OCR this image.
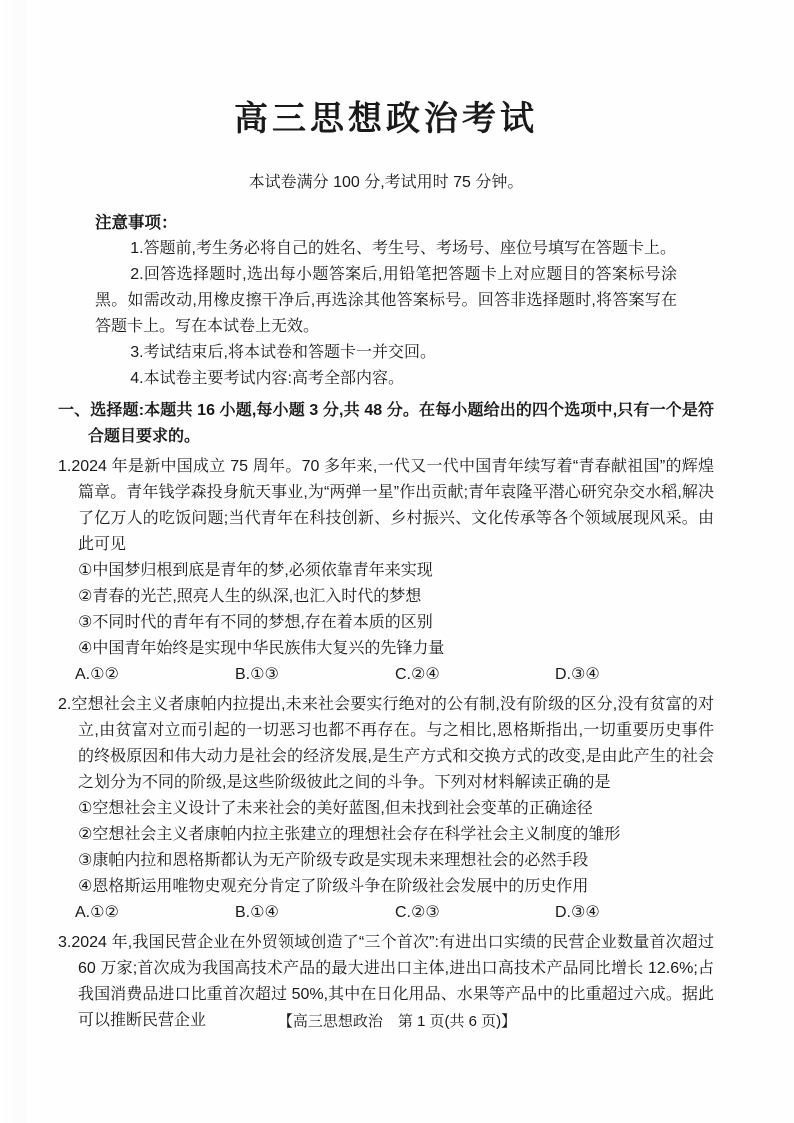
高三思想政治考试

本试卷满分 100 分,考试用时 75 分钟。

注意事项：

1.答题前,考生务必将自己的姓名、考生号、考场号、座位号填写在答题卡上。

2.回答选择题时,选出每小题答案后,用铅笔把答题卡上对应题目的答案标号涂黑。如需改动,用橡皮擦干净后,再选涂其他答案标号。回答非选择题时,将答案写在答题卡上。写在本试卷上无效。

3.考试结束后,将本试卷和答题卡一并交回。

4.本试卷主要考试内容:高考全部内容。

一、选择题:本题共 16 小题,每小题 3 分,共 48 分。在每小题给出的四个选项中,只有一个是符合题目要求的。

1.2024 年是新中国成立 75 周年。70 多年来,一代又一代中国青年续写着“青春献祖国”的辉煌篇章。青年钱学森投身航天事业,为“两弹一星”作出贡献;青年袁隆平潜心研究杂交水稻,解决了亿万人的吃饭问题;当代青年在科技创新、乡村振兴、文化传承等各个领域展现风采。由此可见

①中国梦归根到底是青年的梦,必须依靠青年来实现

②青春的光芒,照亮人生的纵深,也汇入时代的梦想

③不同时代的青年有不同的梦想,存在着本质的区别

④中国青年始终是实现中华民族伟大复兴的先锋力量

A.①②	B.①③	C.②④	D.③④

2.空想社会主义者康帕内拉提出,未来社会要实行绝对的公有制,没有阶级的区分,没有贫富的对立,由贫富对立而引起的一切恶习也都不再存在。与之相比,恩格斯指出,一切重要历史事件的终极原因和伟大动力是社会的经济发展,是生产方式和交换方式的改变,是由此产生的社会之划分为不同的阶级,是这些阶级彼此之间的斗争。下列对材料解读正确的是

①空想社会主义设计了未来社会的美好蓝图,但未找到社会变革的正确途径

②空想社会主义者康帕内拉主张建立的理想社会存在科学社会主义制度的雏形

③康帕内拉和恩格斯都认为无产阶级专政是实现未来理想社会的必然手段

④恩格斯运用唯物史观充分肯定了阶级斗争在阶级社会发展中的历史作用

A.①②	B.①④	C.②③	D.③④

3.2024 年,我国民营企业在外贸领域创造了“三个首次”:有进出口实绩的民营企业数量首次超过 60 万家;首次成为我国高技术产品的最大进出口主体,进出口高技术产品同比增长 12.6%;占我国消费品进口比重首次超过 50%,其中在日化用品、水果等产品中的比重超过六成。据此可以推断民营企业	【高三思想政治　第 1 页(共 6 页)】
